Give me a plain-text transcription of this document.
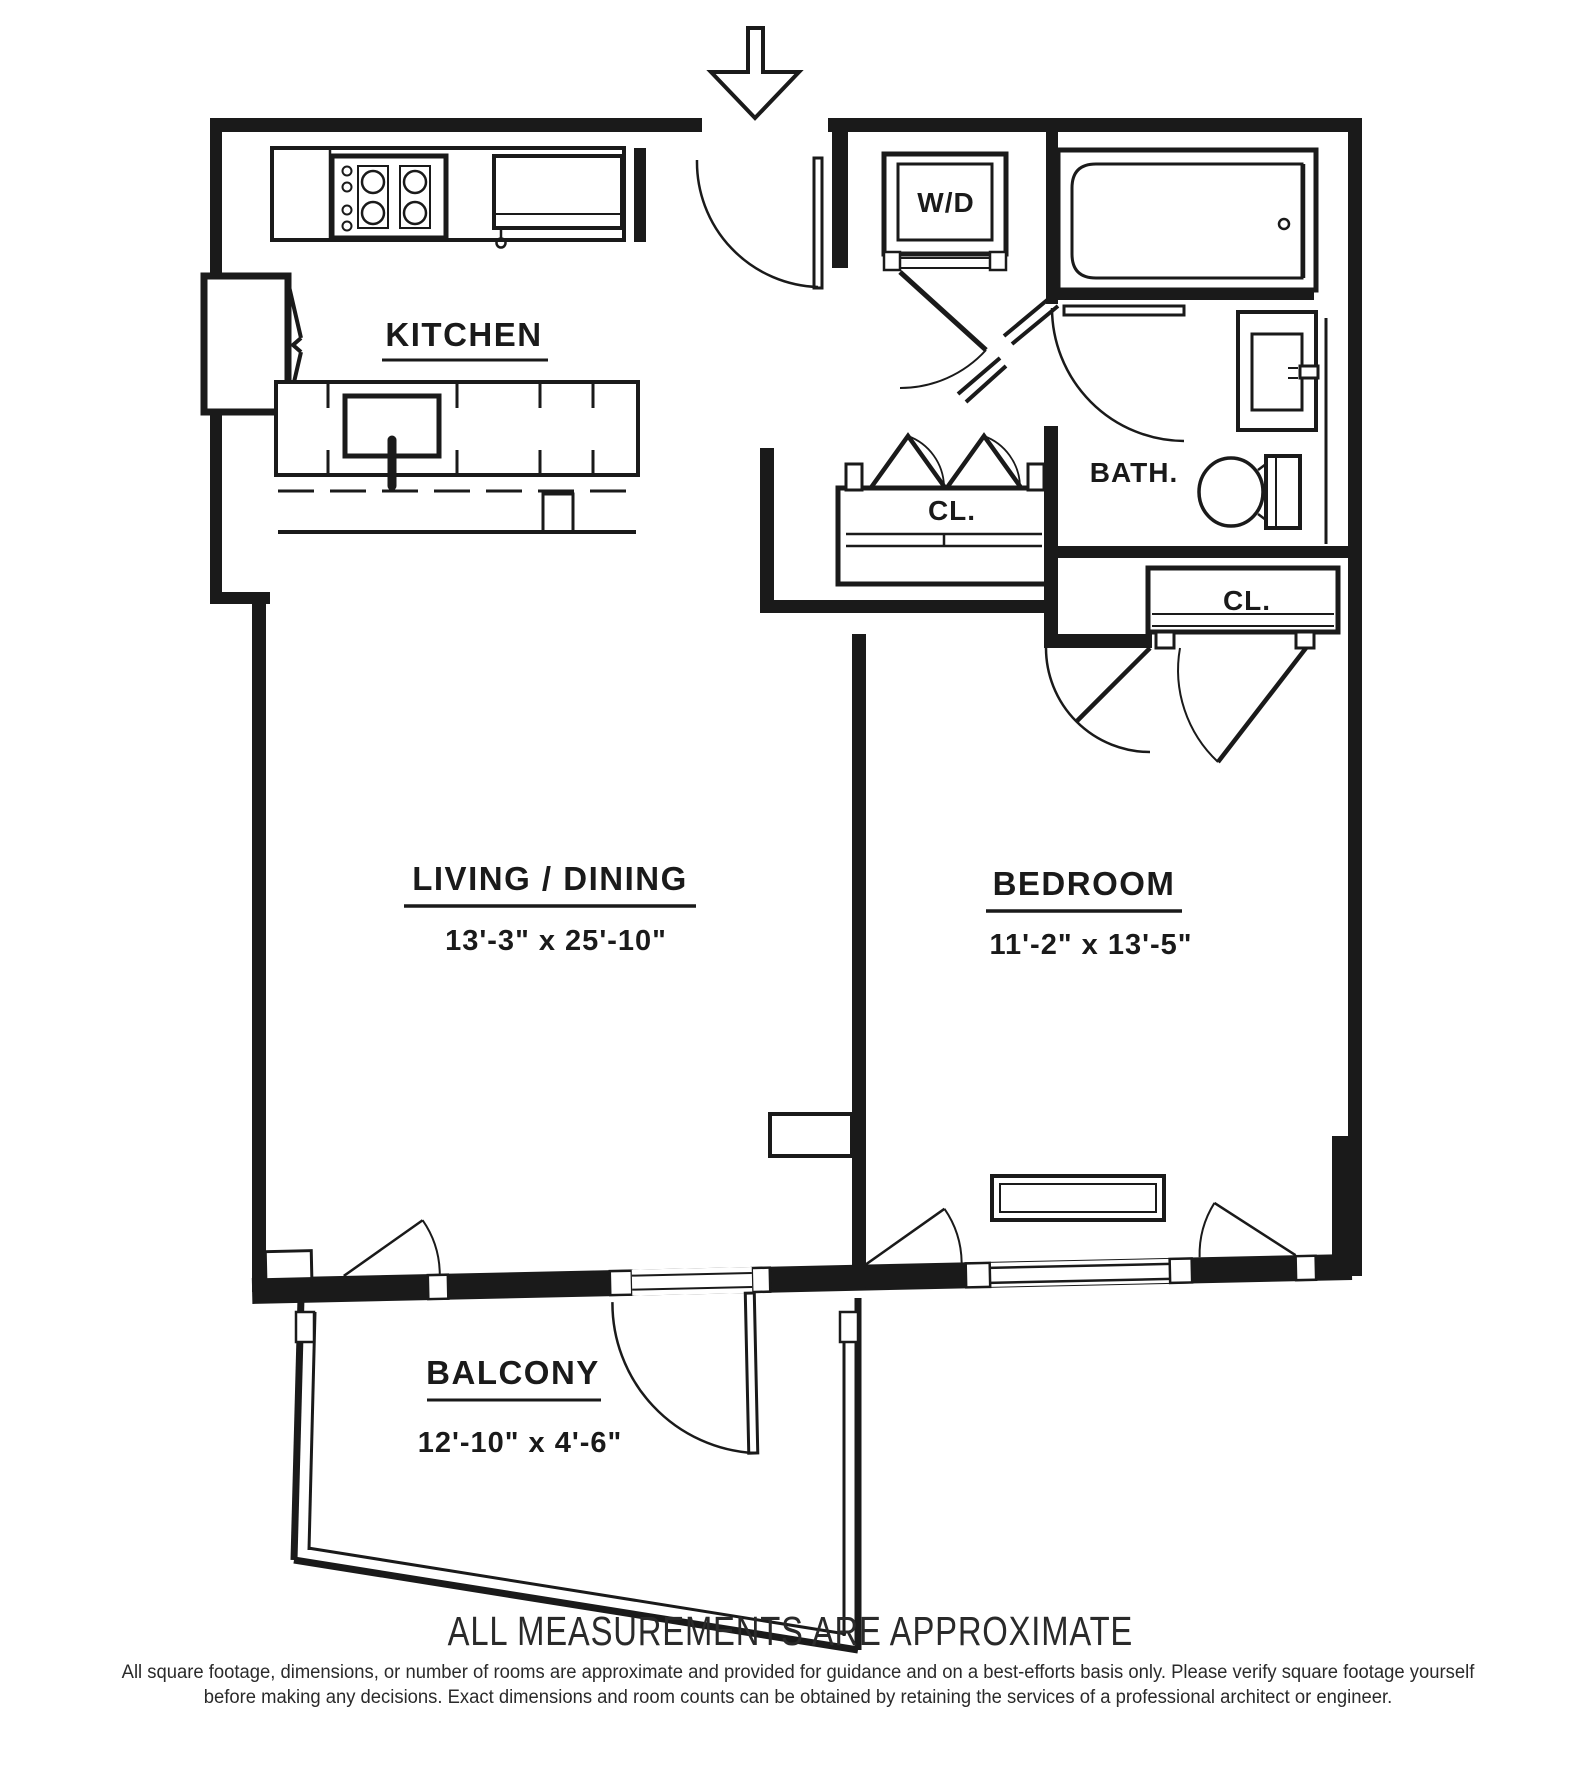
KITCHEN
W/D
BATH.
CL.
CL.
LIVING / DINING
13'-3" x 25'-10"
BEDROOM
11'-2" x 13'-5"
BALCONY
12'-10" x 4'-6"
ALL MEASUREMENTS ARE APPROXIMATE
All square footage, dimensions, or number of rooms are approximate and provided for guidance and on a best-efforts basis only. Please verify square footage yourself before making any decisions. Exact dimensions and room counts can be obtained by retaining the services of a professional architect or engineer.
